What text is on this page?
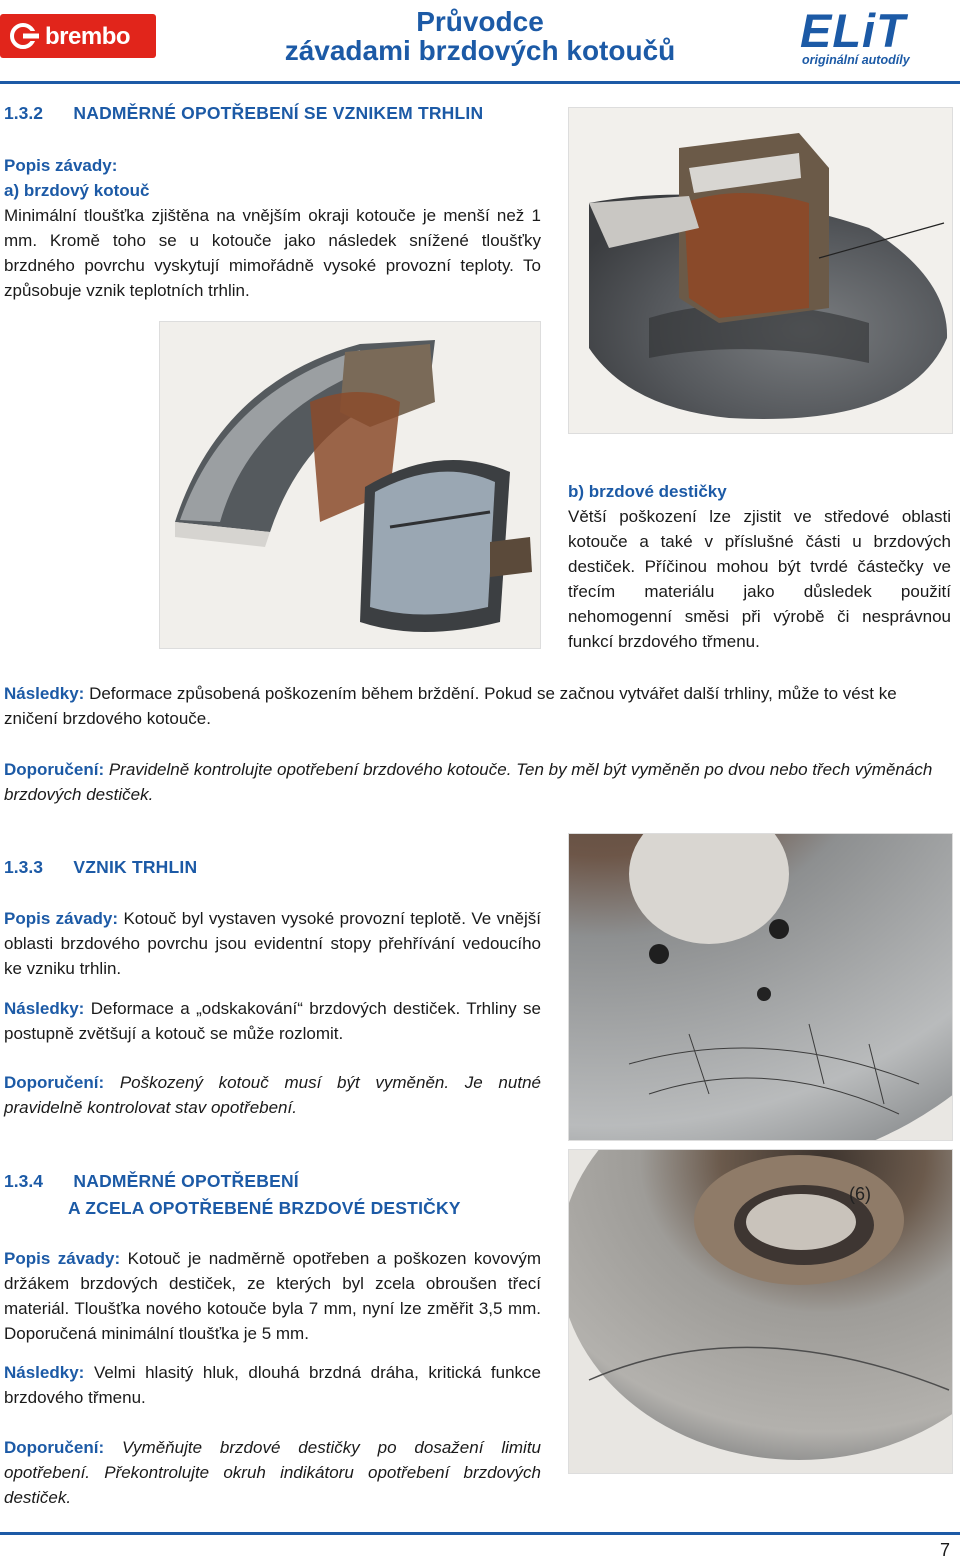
brembo	Průvodce
závadami brzdových kotoučů	ELiT
originální autodíly
1.3.2 NADMĚRNÉ OPOTŘEBENÍ SE VZNIKEM TRHLIN

Popis závady:

a) brzdový kotouč

Minimální tloušťka zjištěna na vnějším okraji kotouče je menší než 1 mm. Kromě toho se u kotouče jako následek snížené tloušťky brzdného povrchu vyskytují mimořádně vysoké provozní teploty. To způsobuje vznik teplotních trhlin.

b) brzdové destičky

Větší poškození lze zjistit ve středové oblasti kotouče a také v příslušné části u brzdových destiček. Příčinou mohou být tvrdé částečky ve třecím materiálu jako důsledek použití nehomogenní směsi při výrobě či nesprávnou funkcí brzdového třmenu.

Následky: Deformace způsobená poškozením během brždění. Pokud se začnou vytvářet další trhliny, může to vést ke zničení brzdového kotouče.
Doporučení: Pravidelně kontrolujte opotřebení brzdového kotouče. Ten by měl být vyměněn po dvou nebo třech výměnách brzdových destiček.
1.3.3 VZNIK TRHLIN
Popis závady: Kotouč byl vystaven vysoké provozní teplotě. Ve vnější oblasti brzdového povrchu jsou evidentní stopy přehřívání vedoucího ke vzniku trhlin.
Následky: Deformace a „odskakování“ brzdových destiček. Trhliny se postupně zvětšují a kotouč se může rozlomit.
Doporučení: Poškozený kotouč musí být vyměněn. Je nutné pravidelně kontrolovat stav opotřebení.
1.3.4 NADMĚRNÉ OPOTŘEBENÍ
A ZCELA OPOTŘEBENÉ BRZDOVÉ DESTIČKY
(6)
Popis závady: Kotouč je nadměrně opotřeben a poškozen kovovým držákem brzdových destiček, ze kterých byl zcela obroušen třecí materiál. Tloušťka nového kotouče byla 7 mm, nyní lze změřit 3,5 mm. Doporučená minimální tloušťka je 5 mm.
Následky: Velmi hlasitý hluk, dlouhá brzdná dráha, kritická funkce brzdového třmenu.
Doporučení: Vyměňujte brzdové destičky po dosažení limitu opotřebení. Překontrolujte okruh indikátoru opotřebení brzdových destiček.
7
